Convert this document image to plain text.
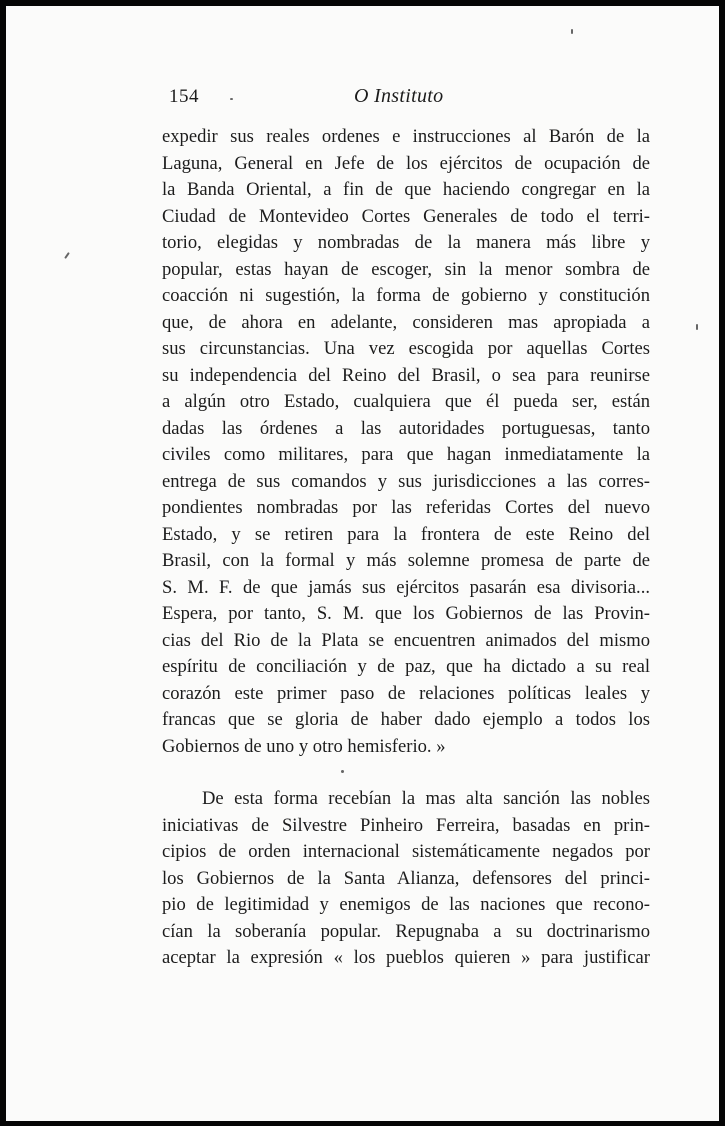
154	O Instituto

expedir sus reales ordenes e instrucciones al Barón de la
Laguna, General en Jefe de los ejércitos de ocupación de
la Banda Oriental, a fin de que haciendo congregar en la
Ciudad de Montevideo Cortes Generales de todo el terri-
torio, elegidas y nombradas de la manera más libre y
popular, estas hayan de escoger, sin la menor sombra de
coacción ni sugestión, la forma de gobierno y constitución
que, de ahora en adelante, consideren mas apropiada a
sus circunstancias. Una vez escogida por aquellas Cortes
su independencia del Reino del Brasil, o sea para reunirse
a algún otro Estado, cualquiera que él pueda ser, están
dadas las órdenes a las autoridades portuguesas, tanto
civiles como militares, para que hagan inmediatamente la
entrega de sus comandos y sus jurisdicciones a las corres-
pondientes nombradas por las referidas Cortes del nuevo
Estado, y se retiren para la frontera de este Reino del
Brasil, con la formal y más solemne promesa de parte de
S. M. F. de que jamás sus ejércitos pasarán esa divisoria...
Espera, por tanto, S. M. que los Gobiernos de las Provin-
cias del Rio de la Plata se encuentren animados del mismo
espíritu de conciliación y de paz, que ha dictado a su real
corazón este primer paso de relaciones políticas leales y
francas que se gloria de haber dado ejemplo a todos los
Gobiernos de uno y otro hemisferio. »

De esta forma recebían la mas alta sanción las nobles
iniciativas de Silvestre Pinheiro Ferreira, basadas en prin-
cipios de orden internacional sistemáticamente negados por
los Gobiernos de la Santa Alianza, defensores del princi-
pio de legitimidad y enemigos de las naciones que recono-
cían la soberanía popular. Repugnaba a su doctrinarismo
aceptar la expresión « los pueblos quieren » para justificar
